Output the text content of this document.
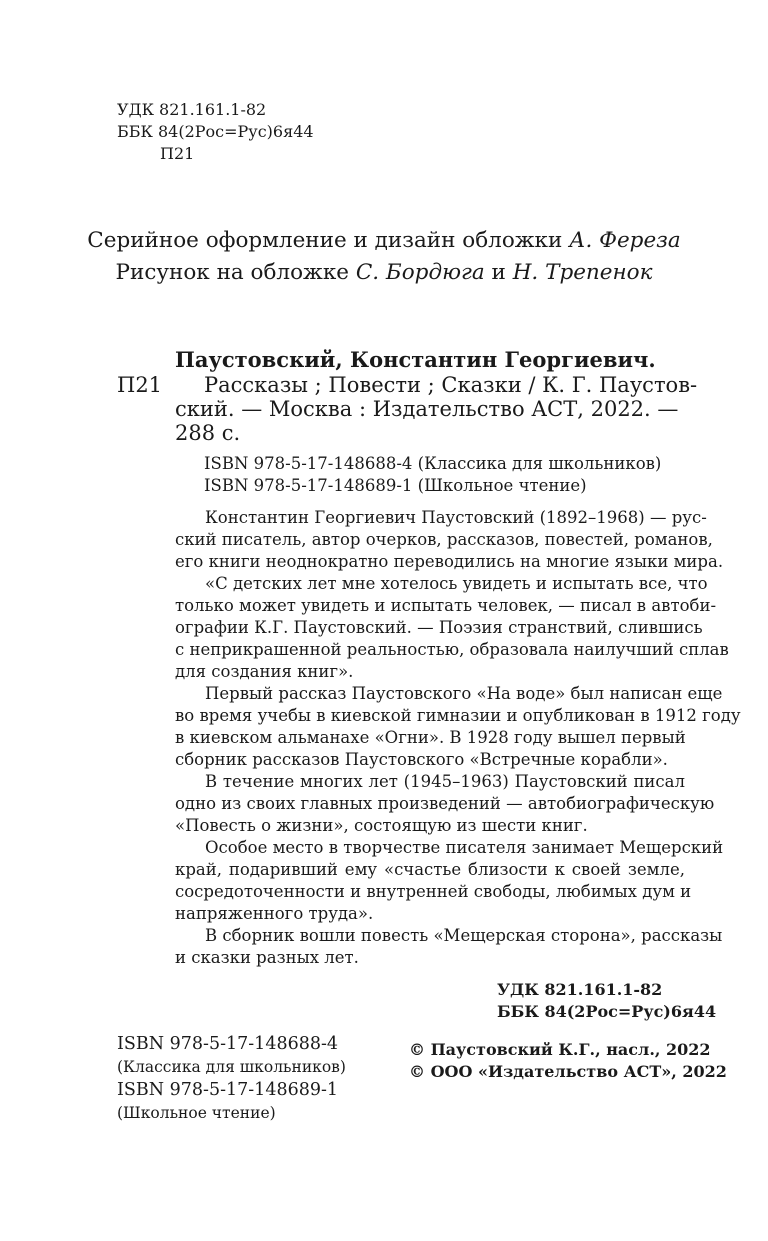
УДК 821.161.1-82
ББК 84(2Рос=Рус)6я44
П21
Серийное оформление и дизайн обложки А. Фереза
Рисунок на обложке С. Бордюга и Н. Трепенок
Паустовский, Константин Георгиевич.
П21 Рассказы ; Повести ; Сказки / К. Г. Паустов-
ский. — Москва : Издательство АСТ, 2022. —
288 с.
ISBN 978-5-17-148688-4 (Классика для школьников)
ISBN 978-5-17-148689-1 (Школьное чтение)
Константин Георгиевич Паустовский (1892–1968) — рус-
ский писатель, автор очерков, рассказов, повестей, романов,
его книги неоднократно переводились на многие языки мира.
«С детских лет мне хотелось увидеть и испытать все, что
только может увидеть и испытать человек, — писал в автоби-
ографии К.Г. Паустовский. — Поэзия странствий, слившись
с неприкрашенной реальностью, образовала наилучший сплав
для создания книг».
Первый рассказ Паустовского «На воде» был написан еще
во время учебы в киевской гимназии и опубликован в 1912 году
в киевском альманахе «Огни». В 1928 году вышел первый
сборник рассказов Паустовского «Встречные корабли».
В течение многих лет (1945–1963) Паустовский писал
одно из своих главных произведений — автобиографическую
«Повесть о жизни», состоящую из шести книг.
Особое место в творчестве писателя занимает Мещерский
край, подаривший ему «счастье близости к своей земле,
сосредоточенности и внутренней свободы, любимых дум и
напряженного труда».
В сборник вошли повесть «Мещерская сторона», рассказы
и сказки разных лет.
УДК 821.161.1-82
ББК 84(2Рос=Рус)6я44
ISBN 978-5-17-148688-4
(Классика для школьников)
ISBN 978-5-17-148689-1
(Школьное чтение)
© Паустовский К.Г., насл., 2022
© ООО «Издательство АСТ», 2022
